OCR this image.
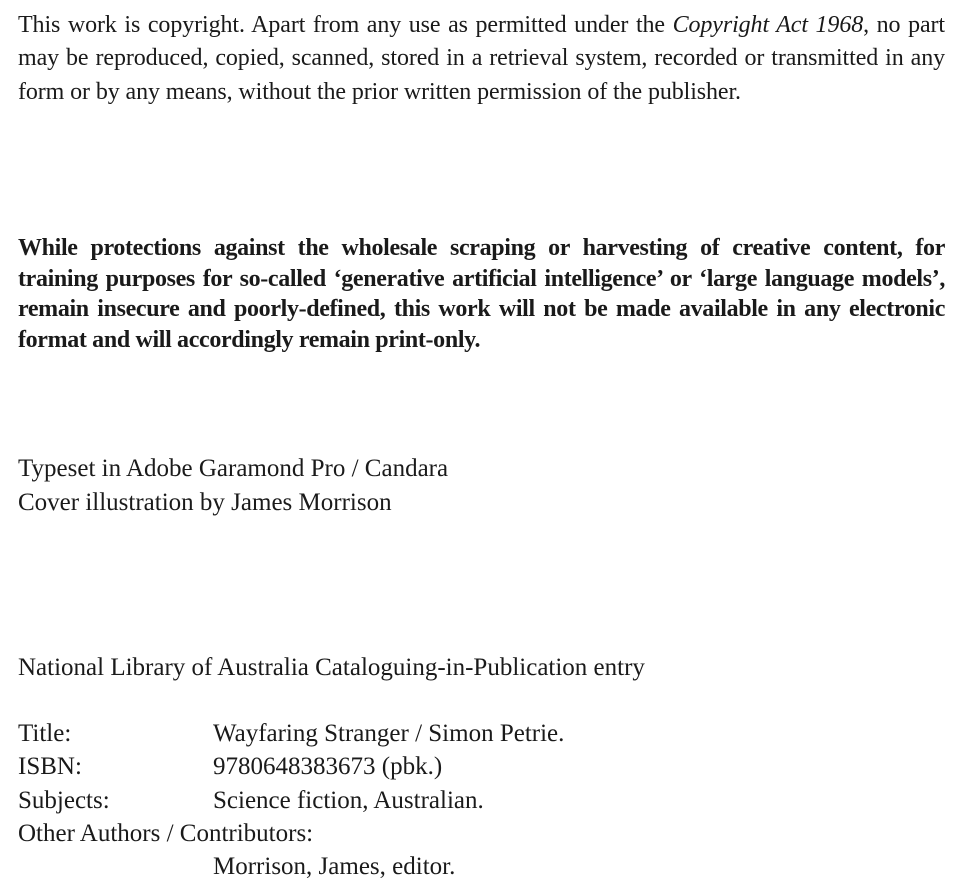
This work is copyright. Apart from any use as permitted under the Copyright Act 1968, no part may be reproduced, copied, scanned, stored in a retrieval system, recorded or transmitted in any form or by any means, without the prior written permission of the publisher.

While protections against the wholesale scraping or harvesting of creative content, for training purposes for so-called ‘generative artificial intelligence’ or ‘large language models’, remain insecure and poorly-defined, this work will not be made available in any electronic format and will accordingly remain print-only.

Typeset in Adobe Garamond Pro / Candara
Cover illustration by James Morrison
National Library of Australia Cataloguing-in-Publication entry
Title:	Wayfaring Stranger / Simon Petrie.
ISBN:	9780648383673 (pbk.)
Subjects:	Science fiction, Australian.
Other Authors / Contributors:
Morrison, James, editor.
